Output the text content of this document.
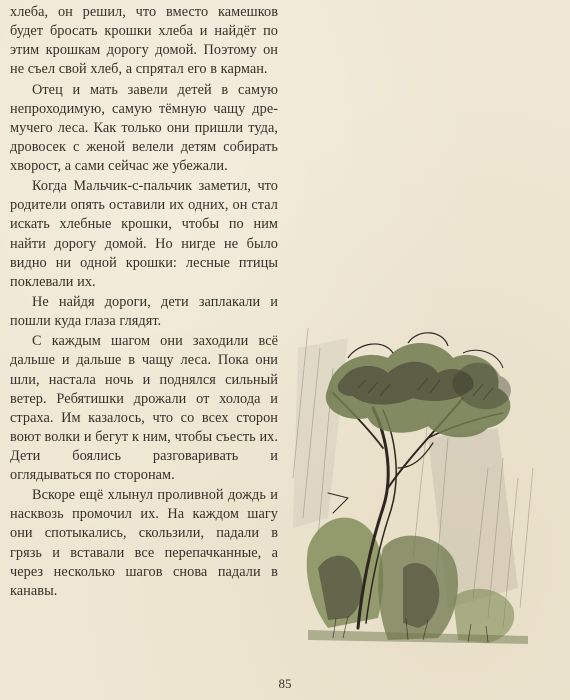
хлеба, он решил, что вместо камешков будет бросать крошки хлеба и найдёт по этим крошкам дорогу домой. Поэтому он не съел свой хлеб, а спрятал его в карман.

Отец и мать завели детей в самую непроходимую, самую тёмную чащу дремучего леса. Как только они пришли туда, дровосек с женой велели детям собирать хворост, а сами сейчас же убежали.

Когда Мальчик-с-пальчик заметил, что родители опять оставили их одних, он стал искать хлебные крошки, чтобы по ним найти дорогу домой. Но нигде не было видно ни одной крошки: лесные птицы поклевали их.

Не найдя дороги, дети заплакали и пошли куда глаза глядят.

С каждым шагом они заходили всё дальше и дальше в чащу леса. Пока они шли, настала ночь и поднялся сильный ветер. Ребятишки дрожали от холода и страха. Им казалось, что со всех сторон воют волки и бегут к ним, чтобы съесть их. Дети боялись разговаривать и оглядываться по сторонам.

Вскоре ещё хлынул проливной дождь и насквозь промочил их. На каждом шагу они спотыкались, скользили, падали в грязь и вставали все перепачканные, а через несколько шагов снова падали в канавы.

85
